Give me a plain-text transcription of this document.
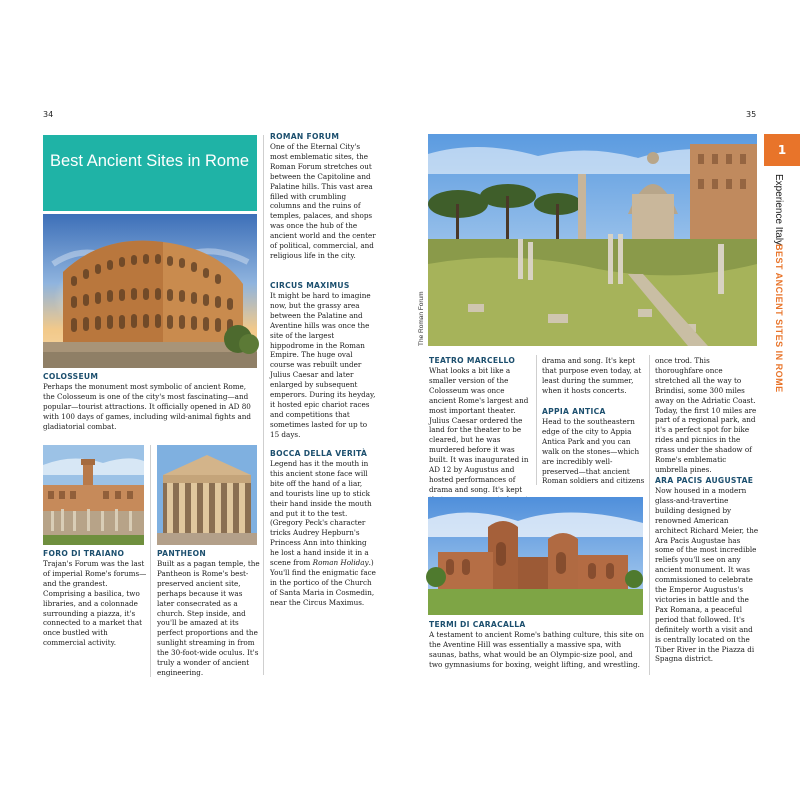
34	35
Best Ancient Sites in Rome
COLOSSEUM
Perhaps the monument most symbolic of ancient Rome, the Colosseum is one of the city's most fascinating—and popular—tourist attractions. It officially opened in AD 80 with 100 days of games, including wild-animal fights and gladiatorial combat.
FORO DI TRAIANO
Trajan's Forum was the last of imperial Rome's forums—and the grandest. Comprising a basilica, two libraries, and a colonnade surrounding a piazza, it's connected to a market that once bustled with commercial activity.
PANTHEON
Built as a pagan temple, the Pantheon is Rome's best-preserved ancient site, perhaps because it was later consecrated as a church. Step inside, and you'll be amazed at its perfect proportions and the sunlight streaming in from the 30-foot-wide oculus. It's truly a wonder of ancient engineering.
ROMAN FORUM
One of the Eternal City's most emblematic sites, the Roman Forum stretches out between the Capitoline and Palatine hills. This vast area filled with crumbling columns and the ruins of temples, palaces, and shops was once the hub of the ancient world and the center of political, commercial, and religious life in the city.
CIRCUS MAXIMUS
It might be hard to imagine now, but the grassy area between the Palatine and Aventine hills was once the site of the largest hippodrome in the Roman Empire. The huge oval course was rebuilt under Julius Caesar and later enlarged by subsequent emperors. During its heyday, it hosted epic chariot races and competitions that sometimes lasted for up to 15 days.
BOCCA DELLA VERITÀ
Legend has it the mouth in this ancient stone face will bite off the hand of a liar, and tourists line up to stick their hand inside the mouth and put it to the test. (Gregory Peck's character tricks Audrey Hepburn's Princess Ann into thinking he lost a hand inside it in a scene from Roman Holiday.) You'll find the enigmatic face in the portico of the Church of Santa Maria in Cosmedin, near the Circus Maximus.
The Roman Forum
1
Experience Italy
BEST ANCIENT SITES IN ROME
TEATRO MARCELLO
What looks a bit like a smaller version of the Colosseum was once ancient Rome's largest and most important theater. Julius Caesar ordered the land for the theater to be cleared, but he was murdered before it was built. It was inaugurated in AD 12 by Augustus and hosted performances of drama and song. It's kept
drama and song. It's kept that purpose even today, at least during the summer, when it hosts concerts.
APPIA ANTICA
Head to the southeastern edge of the city to Appia Antica Park and you can walk on the stones—which are incredibly well-preserved—that ancient Roman soldiers and citizens
once trod. This thoroughfare once stretched all the way to Brindisi, some 300 miles away on the Adriatic Coast. Today, the first 10 miles are part of a regional park, and it's a perfect spot for bike rides and picnics in the grass under the shadow of Rome's emblematic umbrella pines.
ARA PACIS AUGUSTAE
Now housed in a modern glass-and-travertine building designed by renowned American architect Richard Meier, the Ara Pacis Augustae has some of the most incredible reliefs you'll see on any ancient monument. It was commissioned to celebrate the Emperor Augustus's victories in battle and the Pax Romana, a peaceful period that followed. It's definitely worth a visit and is centrally located on the Tiber River in the Piazza di Spagna district.
TERMI DI CARACALLA
A testament to ancient Rome's bathing culture, this site on the Aventine Hill was essentially a massive spa, with saunas, baths, what would be an Olympic-size pool, and two gymnasiums for boxing, weight lifting, and wrestling.
